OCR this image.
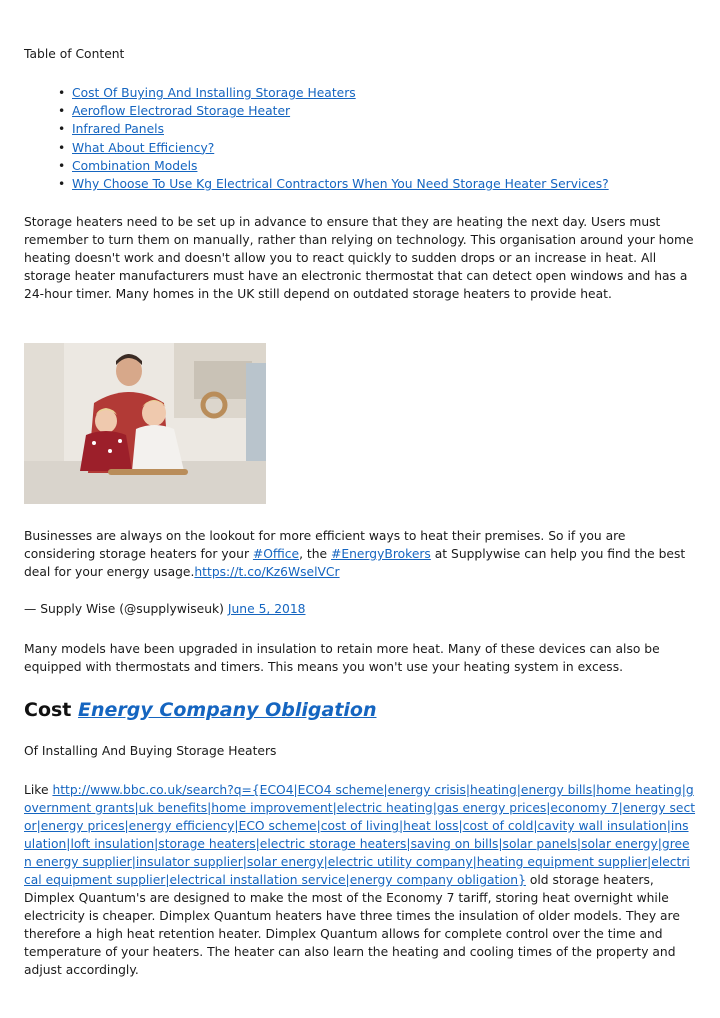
Table of Content

• Cost Of Buying And Installing Storage Heaters
• Aeroflow Electrorad Storage Heater
• Infrared Panels
• What About Efficiency?
• Combination Models
• Why Choose To Use Kg Electrical Contractors When You Need Storage Heater Services?

Storage heaters need to be set up in advance to ensure that they are heating the next day. Users must remember to turn them on manually, rather than relying on technology. This organisation around your home heating doesn't work and doesn't allow you to react quickly to sudden drops or an increase in heat. All storage heater manufacturers must have an electronic thermostat that can detect open windows and has a 24-hour timer. Many homes in the UK still depend on outdated storage heaters to provide heat.

Businesses are always on the lookout for more efficient ways to heat their premises. So if you are considering storage heaters for your #Office, the #EnergyBrokers at Supplywise can help you find the best deal for your energy usage.https://t.co/Kz6WselVCr

— Supply Wise (@supplywiseuk) June 5, 2018

Many models have been upgraded in insulation to retain more heat. Many of these devices can also be equipped with thermostats and timers. This means you won't use your heating system in excess.

Cost Energy Company Obligation

Of Installing And Buying Storage Heaters

Like http://www.bbc.co.uk/search?q={ECO4|ECO4 scheme|energy crisis|heating|energy bills|home heating|government grants|uk benefits|home improvement|electric heating|gas energy prices|economy 7|energy sector|energy prices|energy efficiency|ECO scheme|cost of living|heat loss|cost of cold|cavity wall insulation|insulation|loft insulation|storage heaters|electric storage heaters|saving on bills|solar panels|solar energy|green energy supplier|insulator supplier|solar energy|electric utility company|heating equipment supplier|electrical equipment supplier|electrical installation service|energy company obligation} old storage heaters, Dimplex Quantum's are designed to make the most of the Economy 7 tariff, storing heat overnight while electricity is cheaper. Dimplex Quantum heaters have three times the insulation of older models. They are therefore a high heat retention heater. Dimplex Quantum allows for complete control over the time and temperature of your heaters. The heater can also learn the heating and cooling times of the property and adjust accordingly.
